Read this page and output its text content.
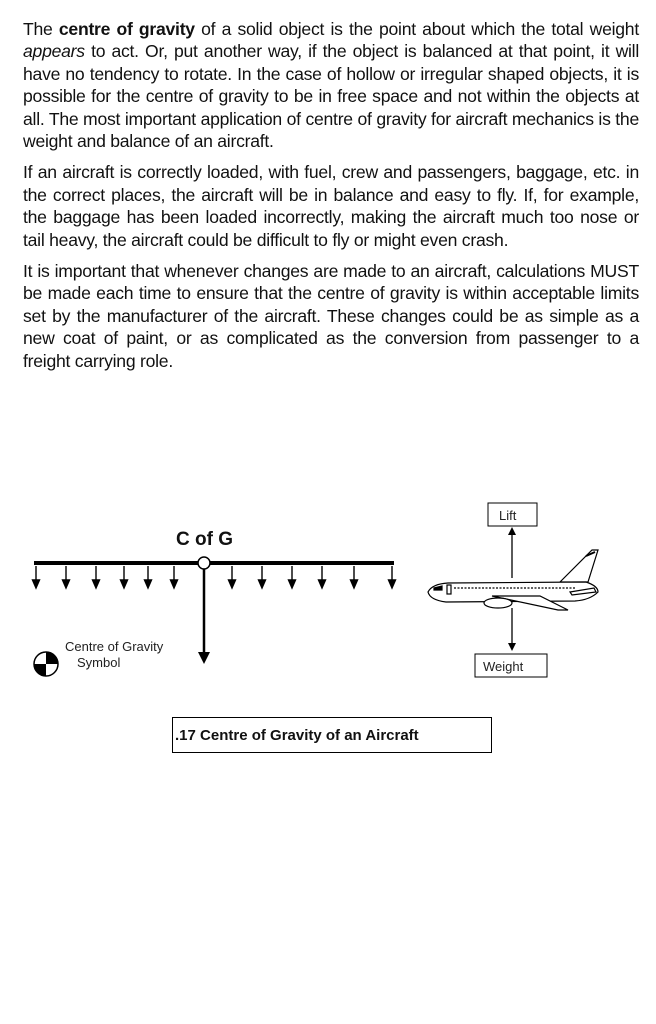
The centre of gravity of a solid object is the point about which the total weight appears to act. Or, put another way, if the object is balanced at that point, it will have no tendency to rotate. In the case of hollow or irregular shaped objects, it is possible for the centre of gravity to be in free space and not within the objects at all. The most important application of centre of gravity for aircraft mechanics is the weight and balance of an aircraft.

If an aircraft is correctly loaded, with fuel, crew and passengers, baggage, etc. in the correct places, the aircraft will be in balance and easy to fly. If, for example, the baggage has been loaded incorrectly, making the aircraft much too nose or tail heavy, the aircraft could be difficult to fly or might even crash.

It is important that whenever changes are made to an aircraft, calculations MUST be made each time to ensure that the centre of gravity is within acceptable limits set by the manufacturer of the aircraft. These changes could be as simple as a new coat of paint, or as complicated as the conversion from passenger to a freight carrying role.

C of G
Centre of Gravity
Symbol
Lift
Weight
.17 Centre of Gravity of an Aircraft
